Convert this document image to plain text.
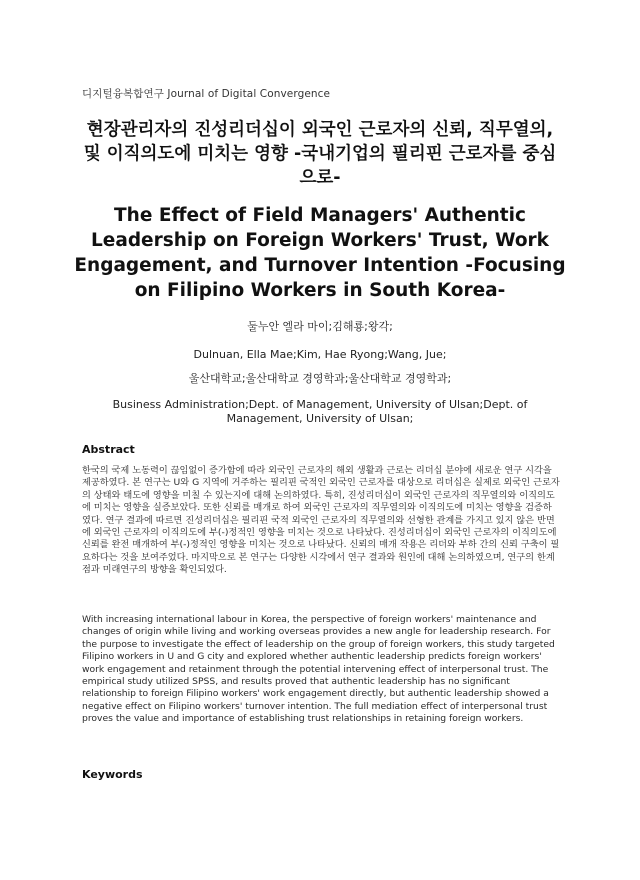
디지털융복합연구 Journal of Digital Convergence
현장관리자의 진성리더십이 외국인 근로자의 신뢰, 직무열의, 및 이직의도에 미치는 영향 -국내기업의 필리핀 근로자를 중심으로-
The Effect of Field Managers' Authentic Leadership on Foreign Workers' Trust, Work Engagement, and Turnover Intention -Focusing on Filipino Workers in South Korea-
둘누안 엘라 마이;김해룡;왕각;
Dulnuan, Ella Mae;Kim, Hae Ryong;Wang, Jue;
울산대학교;울산대학교 경영학과;울산대학교 경영학과;
Business Administration;Dept. of Management, University of Ulsan;Dept. of Management, University of Ulsan;
Abstract
한국의 국제 노동력이 끊임없이 증가함에 따라 외국인 근로자의 해외 생활과 근로는 리더십 분야에 새로운 연구 시각을 제공하였다. 본 연구는 U와 G 지역에 거주하는 필리핀 국적인 외국인 근로자를 대상으로 리더십은 실제로 외국인 근로자의 상태와 태도에 영향을 미칠 수 있는지에 대해 논의하였다. 특히, 진성리더십이 외국인 근로자의 직무열의와 이직의도에 미치는 영향을 실증보았다. 또한 신뢰를 매개로 하여 외국인 근로자의 직무열의와 이직의도에 미치는 영향을 검증하였다. 연구 결과에 따르면 진성리더십은 필리핀 국적 외국인 근로자의 직무열의와 선형한 관계를 가지고 있지 않은 반면에 외국인 근로자의 이직의도에 부(-)정적인 영향을 미치는 것으로 나타났다. 진성리더십이 외국인 근로자의 이직의도에 신뢰를 완전 매개하여 부(-)정적인 영향을 미치는 것으로 나타났다. 신뢰의 매개 작용은 리더와 부하 간의 신뢰 구축이 필요하다는 것을 보여주었다. 마지막으로 본 연구는 다양한 시각에서 연구 결과와 원인에 대해 논의하였으며, 연구의 한계점과 미래연구의 방향을 확인되었다.
With increasing international labour in Korea, the perspective of foreign workers' maintenance and changes of origin while living and working overseas provides a new angle for leadership research. For the purpose to investigate the effect of leadership on the group of foreign workers, this study targeted Filipino workers in U and G city and explored whether authentic leadership predicts foreign workers' work engagement and retainment through the potential intervening effect of interpersonal trust. The empirical study utilized SPSS, and results proved that authentic leadership has no significant relationship to foreign Filipino workers' work engagement directly, but authentic leadership showed a negative effect on Filipino workers' turnover intention. The full mediation effect of interpersonal trust proves the value and importance of establishing trust relationships in retaining foreign workers.
Keywords
